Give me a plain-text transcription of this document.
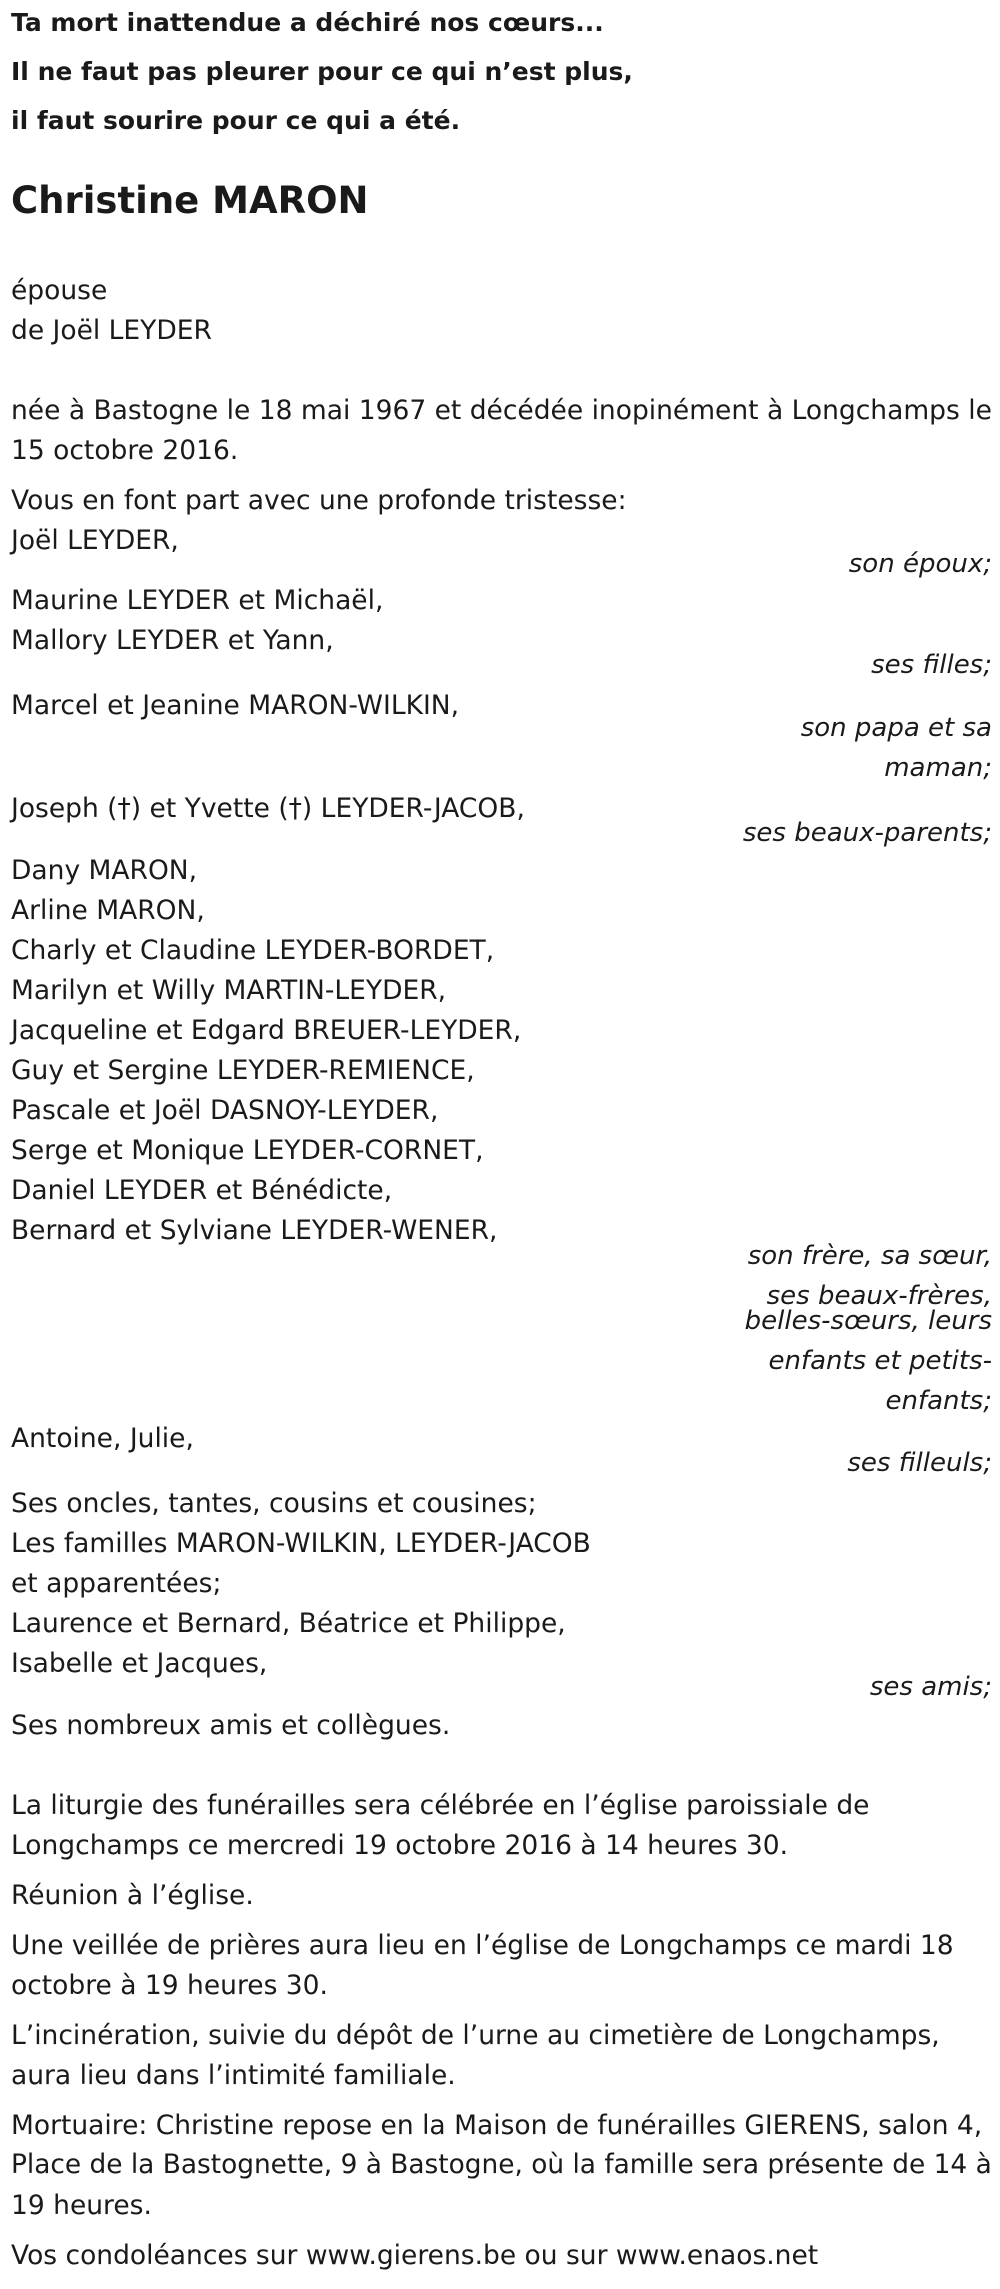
Ta mort inattendue a déchiré nos cœurs...
Il ne faut pas pleurer pour ce qui n’est plus,
il faut sourire pour ce qui a été.
Christine MARON
épouse
de Joël LEYDER
née à Bastogne le 18 mai 1967 et décédée inopinément à Longchamps le
15 octobre 2016.
Vous en font part avec une profonde tristesse:
Joël LEYDER,
son époux;
Maurine LEYDER et Michaël,
Mallory LEYDER et Yann,
ses filles;
Marcel et Jeanine MARON-WILKIN,
son papa et sa
maman;
Joseph (†) et Yvette (†) LEYDER-JACOB,
ses beaux-parents;
Dany MARON,
Arline MARON,
Charly et Claudine LEYDER-BORDET,
Marilyn et Willy MARTIN-LEYDER,
Jacqueline et Edgard BREUER-LEYDER,
Guy et Sergine LEYDER-REMIENCE,
Pascale et Joël DASNOY-LEYDER,
Serge et Monique LEYDER-CORNET,
Daniel LEYDER et Bénédicte,
Bernard et Sylviane LEYDER-WENER,
son frère, sa sœur,
ses beaux-frères,
belles-sœurs, leurs
enfants et petits-
enfants;
Antoine, Julie,
ses filleuls;
Ses oncles, tantes, cousins et cousines;
Les familles MARON-WILKIN, LEYDER-JACOB
et apparentées;
Laurence et Bernard, Béatrice et Philippe,
Isabelle et Jacques,
ses amis;
Ses nombreux amis et collègues.
La liturgie des funérailles sera célébrée en l’église paroissiale de
Longchamps ce mercredi 19 octobre 2016 à 14 heures 30.
Réunion à l’église.
Une veillée de prières aura lieu en l’église de Longchamps ce mardi 18
octobre à 19 heures 30.
L’incinération, suivie du dépôt de l’urne au cimetière de Longchamps,
aura lieu dans l’intimité familiale.
Mortuaire: Christine repose en la Maison de funérailles GIERENS, salon 4,
Place de la Bastognette, 9 à Bastogne, où la famille sera présente de 14 à
19 heures.
Vos condoléances sur www.gierens.be ou sur www.enaos.net
